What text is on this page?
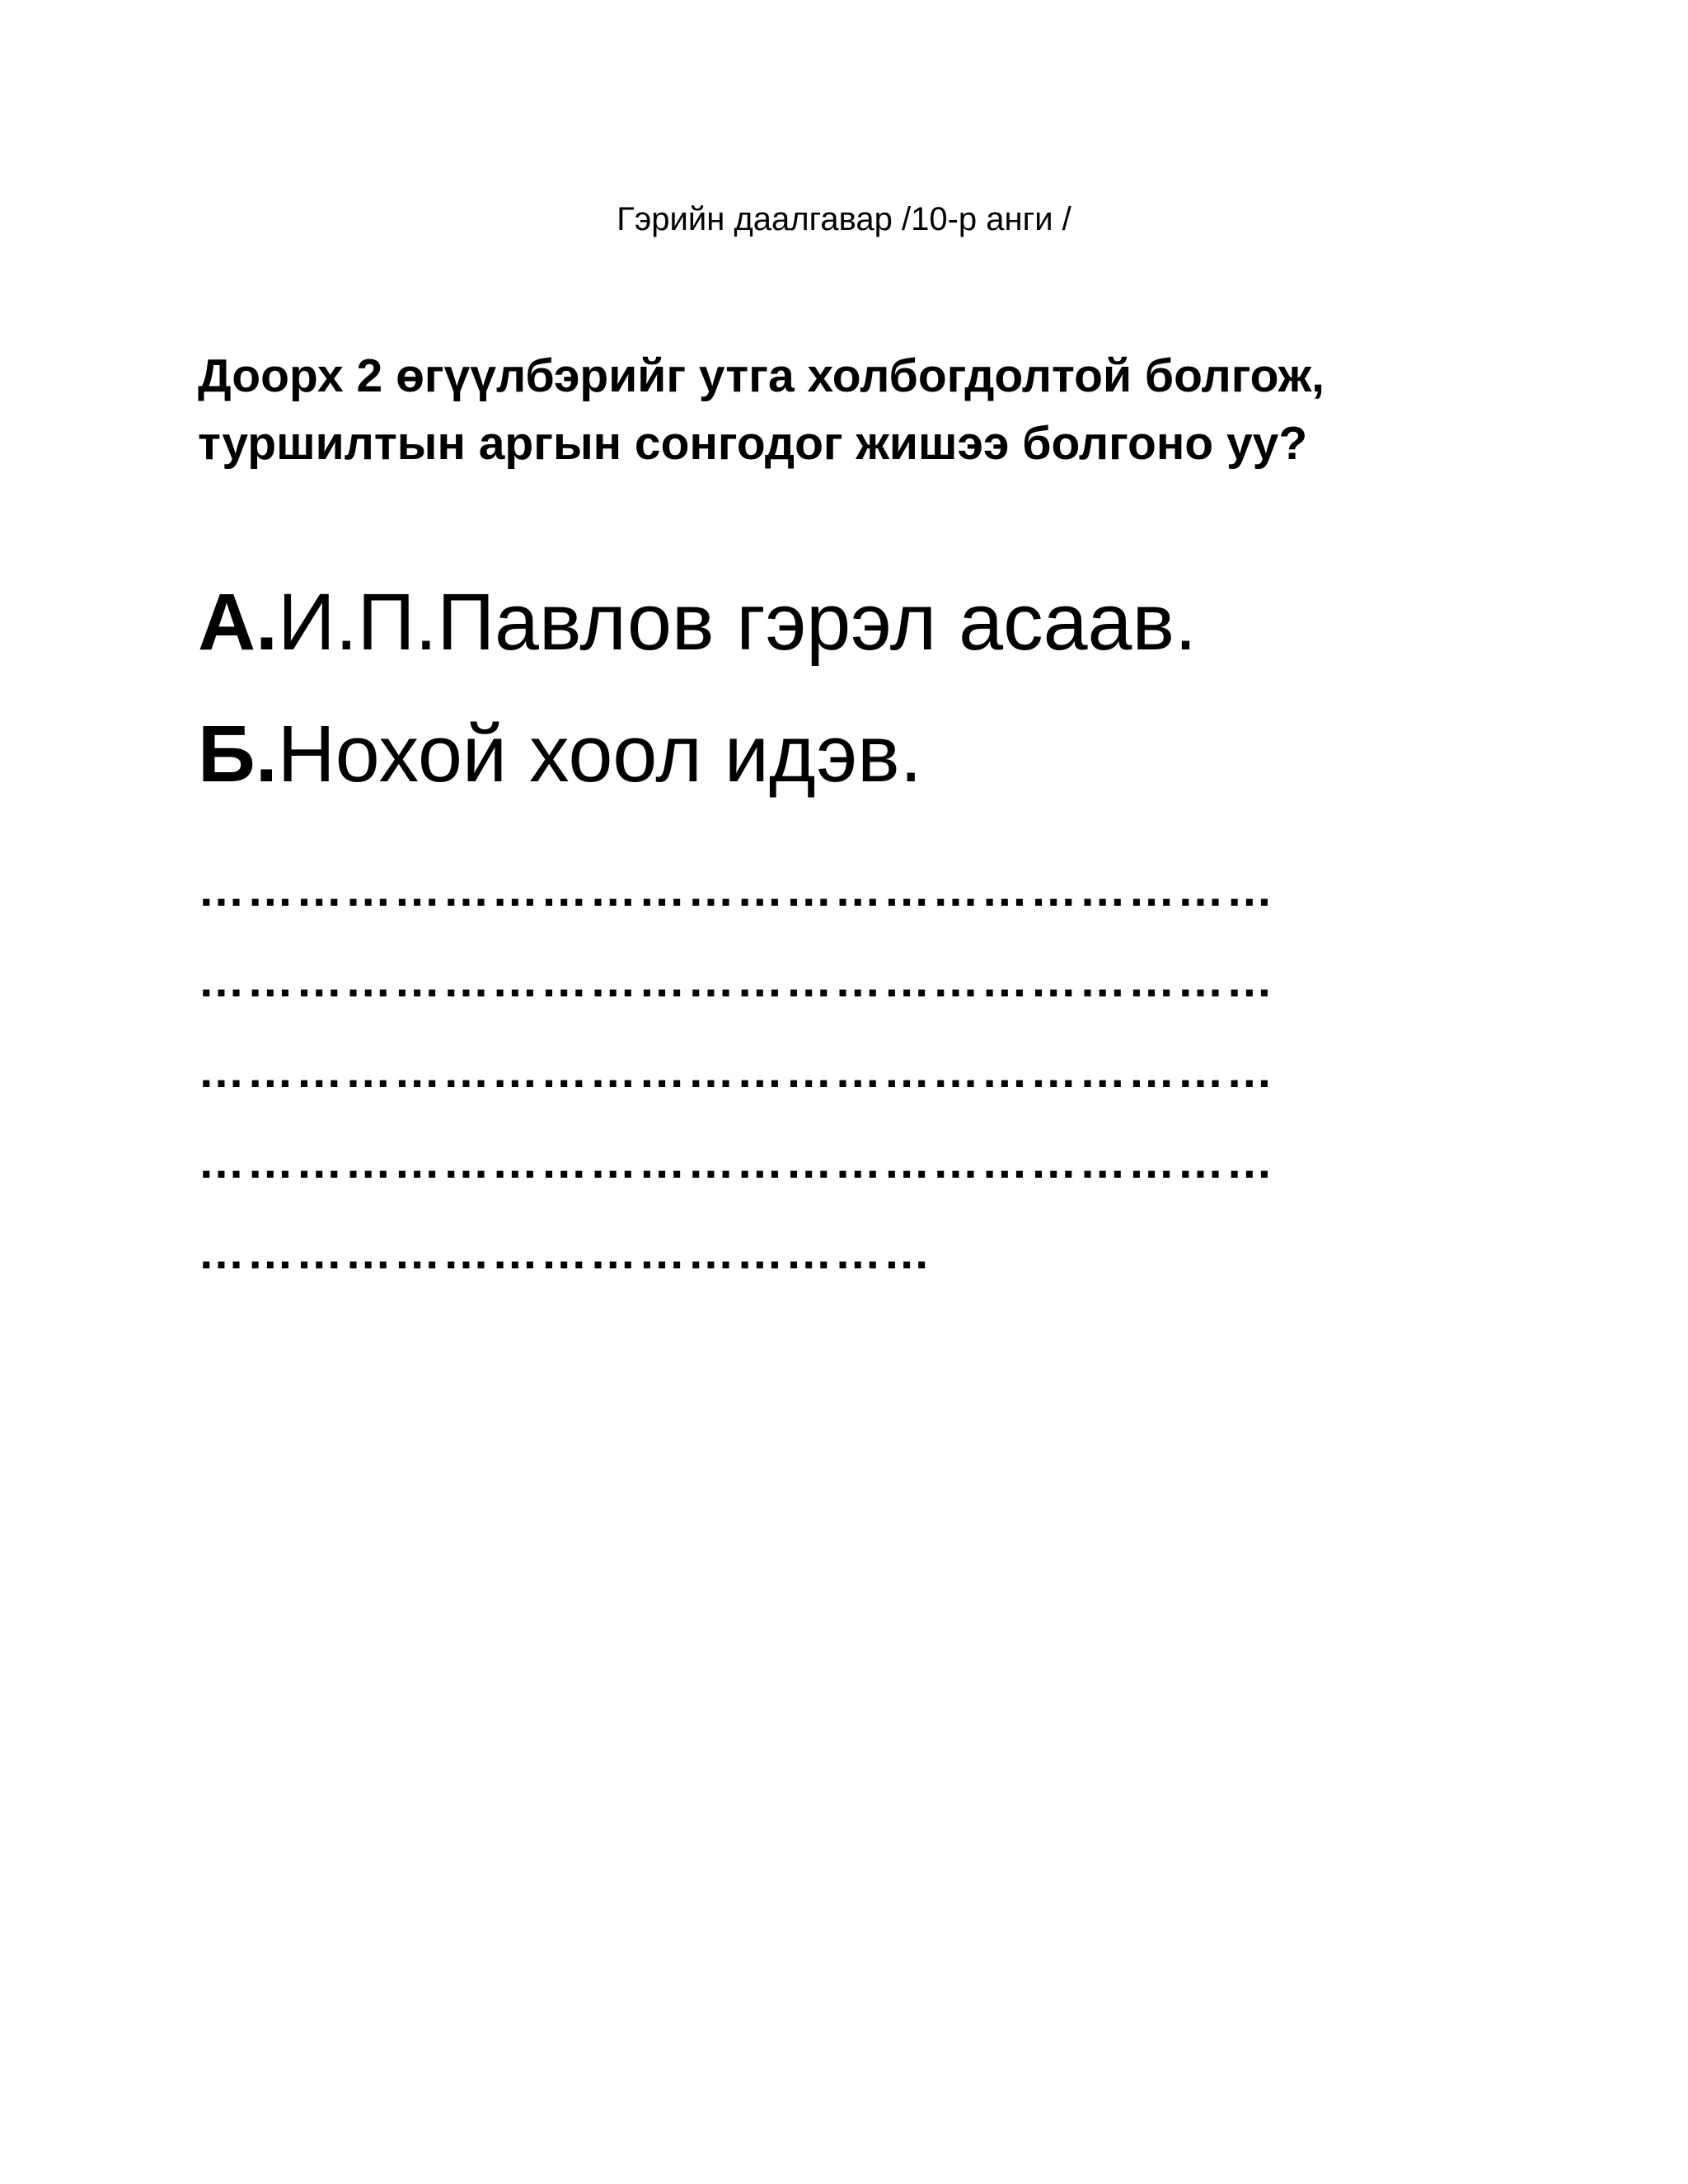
Гэрийн даалгавар /10-р анги /
Доорх 2 өгүүлбэрийг утга холбогдолтой болгож,
туршилтын аргын сонгодог жишээ болгоно уу?
А.И.П.Павлов гэрэл асаав.
Б.Нохой хоол идэв.
…………………………………………………………
…………………………………………………………
…………………………………………………………
…………………………………………………………
………………………………………
